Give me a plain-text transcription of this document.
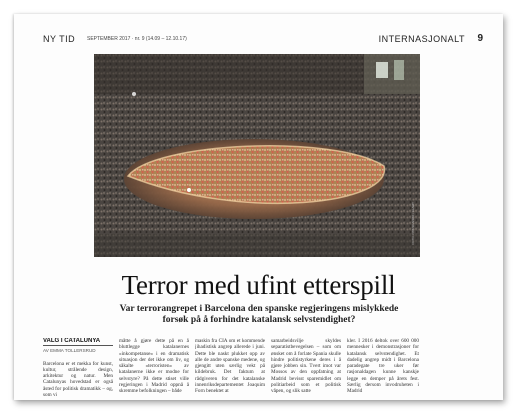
NY TID SEPTEMBER 2017 · nr. 9 (14.09 – 12.10.17)	INTERNASJONALT 9
FOTO: NTB SCANPIX / ALAMY
Terror med ufint etterspill
Var terrorangrepet i Barcelona den spanske regjeringens mislykkede forsøk på å forhindre katalansk selvstendighet?
VALG I CATALUNYA
AV EMMA TOLLERSRUD
Barcelona er et mekka for kunst, kultur, strålende design, arkitektur og natur. Men Catalunyas hovedstad er også åsted for politisk dramatikk – og, som vi
måtte å gjøre dette på en å bluttlegge katalanernes «inkompetanse» i en dramatisk situasjon der det ikke om liv, og såkalte «terroristen» av katalanerne ikke er modne for selvstyre? På dette stiset ville regjeringen i Madrid oppnå å skremme befolkningen – både
maskin fra CIA om et kommende jihadistisk angrep allerede i juni. Dette ble naskt plukket opp av alle de andre spanske medene, og gjengitt uten særlig vekt på kildebruk. Det faktum at rådgiveren for det katalanske innenriksdepartementet Joaquim Forn benektet at
samarbeidsvilje skyldes separatistbevegelsen – som om ønsket om å forlate Spania skulle hindre politistyrkene deres i å gjøre jobben sin. Tvert imot var Mossos av den oppfatning at Madrid bevisst sparemidlet om politiarbeid som et politisk våpen, og slik satte
kler. I 2016 deltok over 600 000 mennesker i demonstrasjoner for katalansk selvstendighet. Et dadelig angrep midt i Barcelona paradegate tre uker før rasjonaldagen kunne kanskje legge en demper på årets fest. Særlig dersom invodruheten i Madrid
